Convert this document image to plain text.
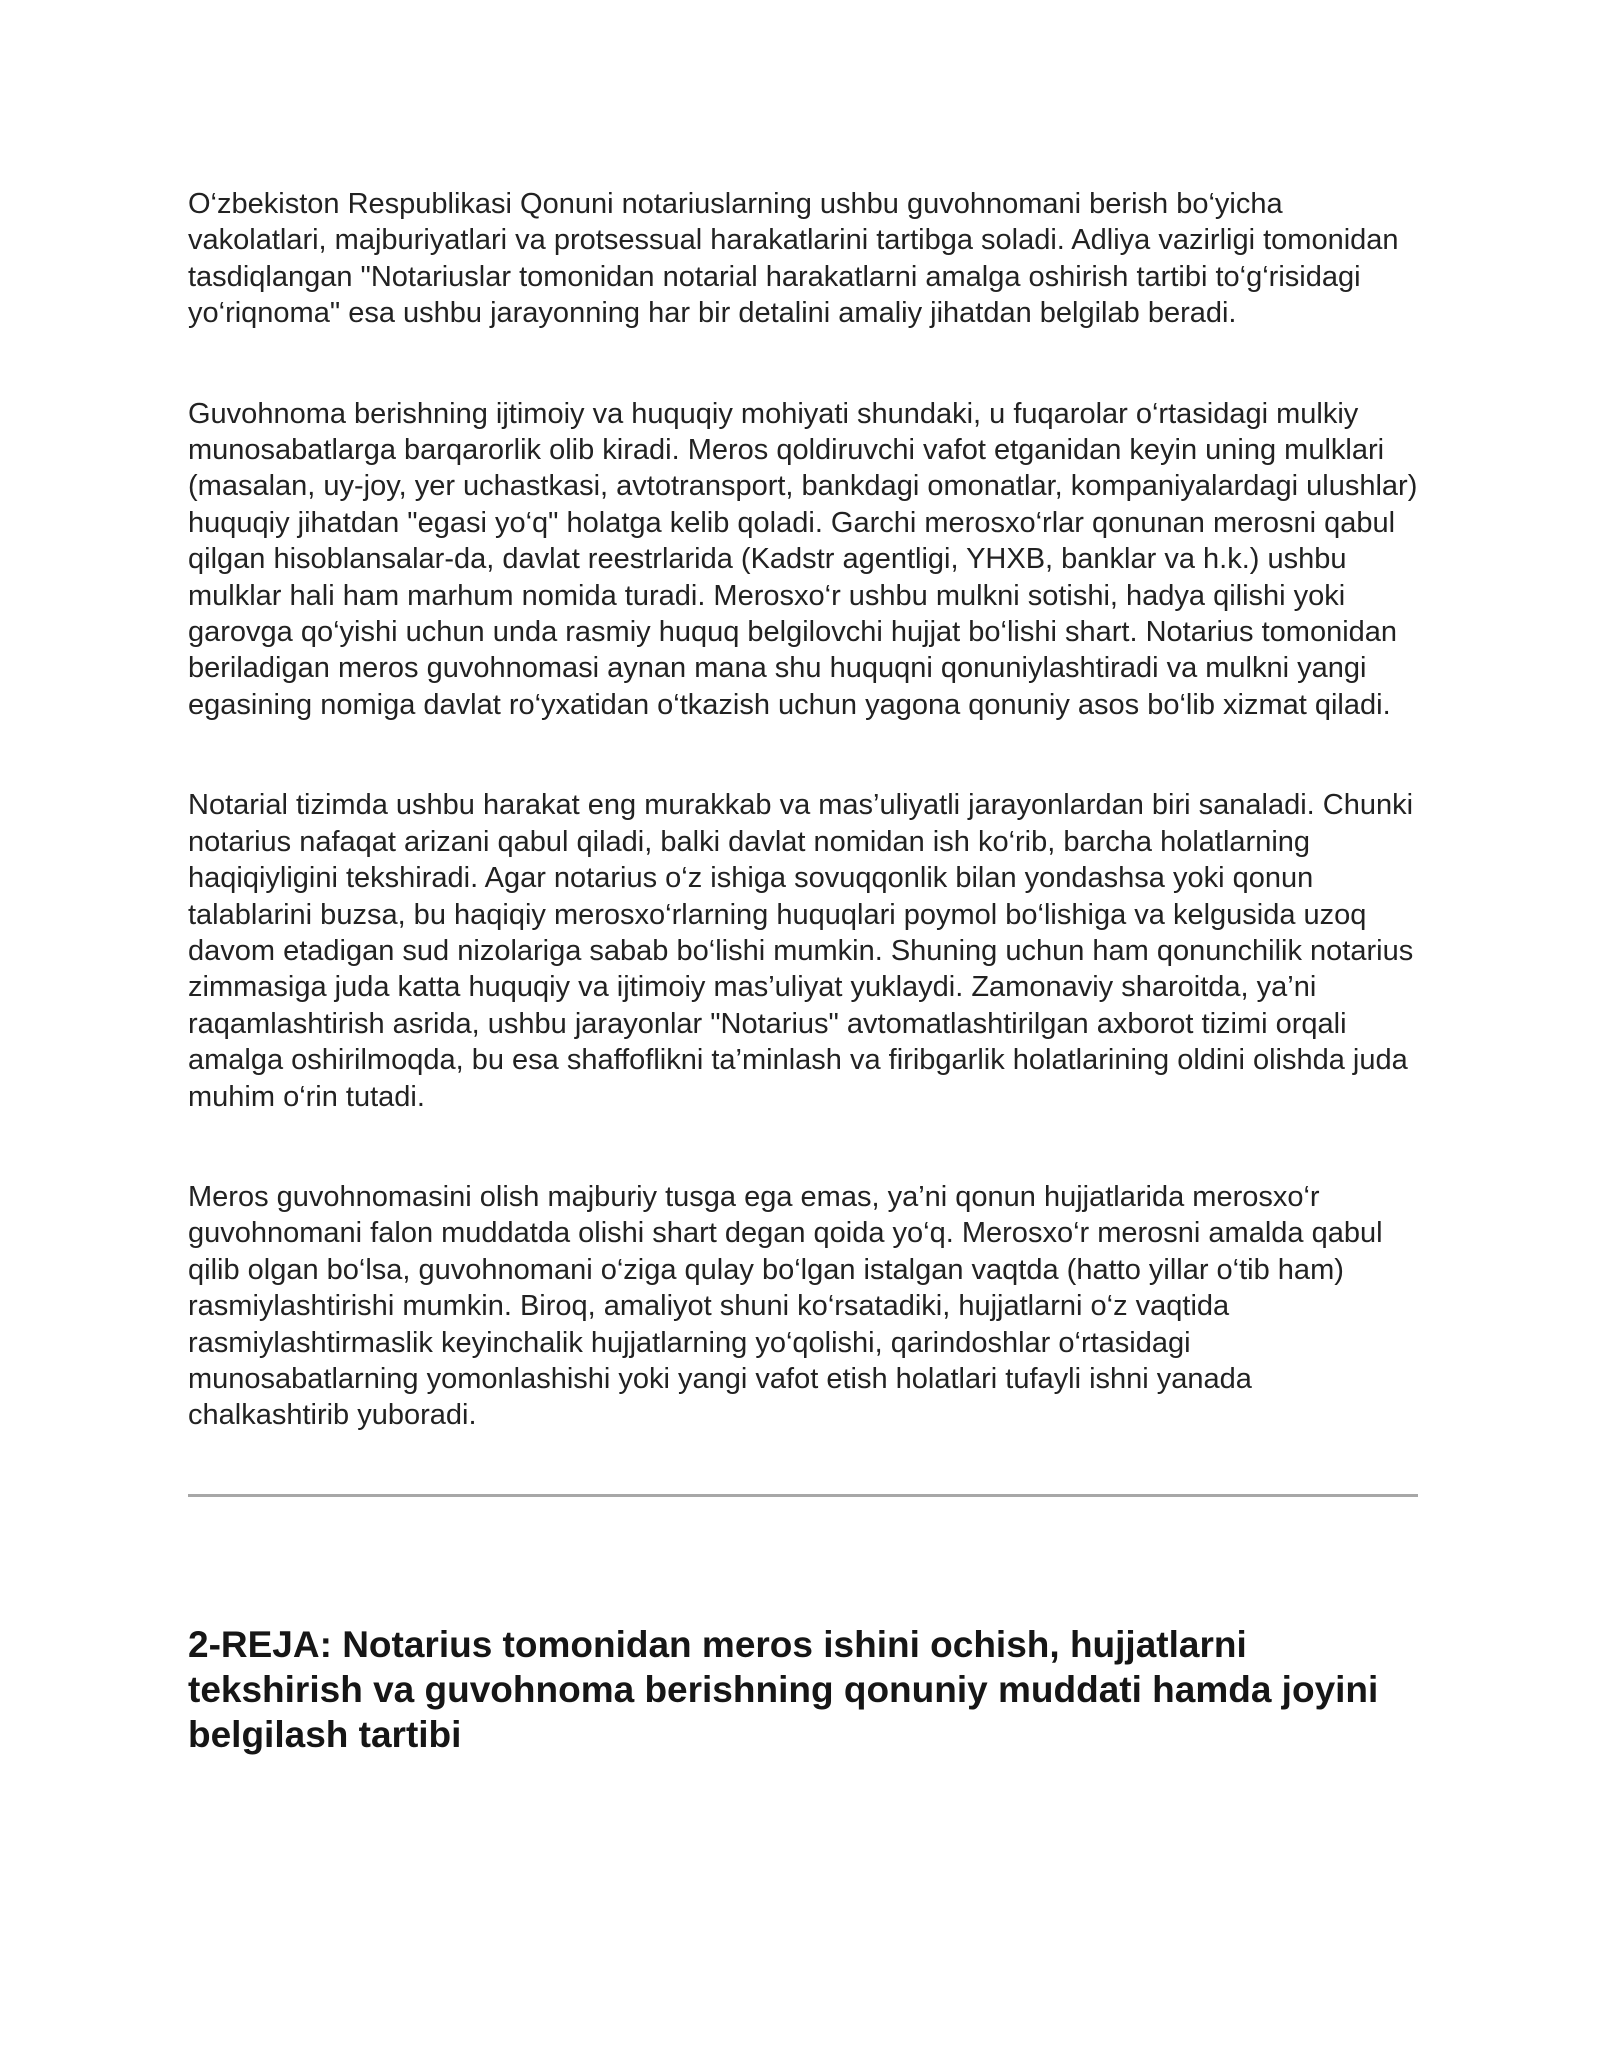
O‘zbekiston Respublikasi Qonuni notariuslarning ushbu guvohnomani berish bo‘yicha vakolatlari, majburiyatlari va protsessual harakatlarini tartibga soladi. Adliya vazirligi tomonidan tasdiqlangan "Notariuslar tomonidan notarial harakatlarni amalga oshirish tartibi to‘g‘risidagi yo‘riqnoma" esa ushbu jarayonning har bir detalini amaliy jihatdan belgilab beradi.

Guvohnoma berishning ijtimoiy va huquqiy mohiyati shundaki, u fuqarolar o‘rtasidagi mulkiy munosabatlarga barqarorlik olib kiradi. Meros qoldiruvchi vafot etganidan keyin uning mulklari (masalan, uy-joy, yer uchastkasi, avtotransport, bankdagi omonatlar, kompaniyalardagi ulushlar) huquqiy jihatdan "egasi yo‘q" holatga kelib qoladi. Garchi merosxo‘rlar qonunan merosni qabul qilgan hisoblansalar-da, davlat reestrlarida (Kadstr agentligi, YHXB, banklar va h.k.) ushbu mulklar hali ham marhum nomida turadi. Merosxo‘r ushbu mulkni sotishi, hadya qilishi yoki garovga qo‘yishi uchun unda rasmiy huquq belgilovchi hujjat bo‘lishi shart. Notarius tomonidan beriladigan meros guvohnomasi aynan mana shu huquqni qonuniylashtiradi va mulkni yangi egasining nomiga davlat ro‘yxatidan o‘tkazish uchun yagona qonuniy asos bo‘lib xizmat qiladi.

Notarial tizimda ushbu harakat eng murakkab va mas’uliyatli jarayonlardan biri sanaladi. Chunki notarius nafaqat arizani qabul qiladi, balki davlat nomidan ish ko‘rib, barcha holatlarning haqiqiyligini tekshiradi. Agar notarius o‘z ishiga sovuqqonlik bilan yondashsa yoki qonun talablarini buzsa, bu haqiqiy merosxo‘rlarning huquqlari poymol bo‘lishiga va kelgusida uzoq davom etadigan sud nizolariga sabab bo‘lishi mumkin. Shuning uchun ham qonunchilik notarius zimmasiga juda katta huquqiy va ijtimoiy mas’uliyat yuklaydi. Zamonaviy sharoitda, ya’ni raqamlashtirish asrida, ushbu jarayonlar "Notarius" avtomatlashtirilgan axborot tizimi orqali amalga oshirilmoqda, bu esa shaffoflikni ta’minlash va firibgarlik holatlarining oldini olishda juda muhim o‘rin tutadi.

Meros guvohnomasini olish majburiy tusga ega emas, ya’ni qonun hujjatlarida merosxo‘r guvohnomani falon muddatda olishi shart degan qoida yo‘q. Merosxo‘r merosni amalda qabul qilib olgan bo‘lsa, guvohnomani o‘ziga qulay bo‘lgan istalgan vaqtda (hatto yillar o‘tib ham) rasmiylashtirishi mumkin. Biroq, amaliyot shuni ko‘rsatadiki, hujjatlarni o‘z vaqtida rasmiylashtirmaslik keyinchalik hujjatlarning yo‘qolishi, qarindoshlar o‘rtasidagi munosabatlarning yomonlashishi yoki yangi vafot etish holatlari tufayli ishni yanada chalkashtirib yuboradi.

2-REJA: Notarius tomonidan meros ishini ochish, hujjatlarni tekshirish va guvohnoma berishning qonuniy muddati hamda joyini belgilash tartibi
